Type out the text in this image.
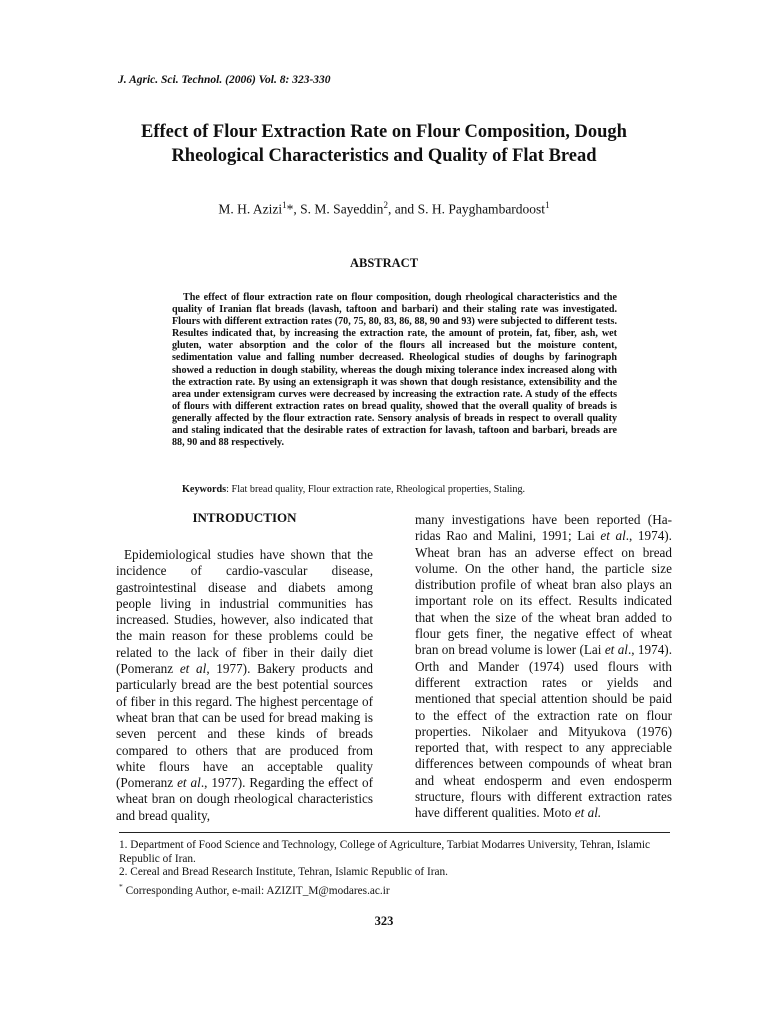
J. Agric. Sci. Technol. (2006) Vol. 8: 323-330
Effect of Flour Extraction Rate on Flour Composition, Dough
Rheological Characteristics and Quality of Flat Bread
M. H. Azizi$^1$*, S. M. Sayeddin$^2$, and S. H. Payghambardoost$^1$
ABSTRACT
The effect of flour extraction rate on flour composition, dough rheological characteristics and the quality of Iranian flat breads (lavash, taftoon and barbari) and their staling rate was investigated. Flours with different extraction rates (70, 75, 80, 83, 86, 88, 90 and 93) were subjected to different tests. Resultes indicated that, by increasing the extraction rate, the amount of protein, fat, fiber, ash, wet gluten, water absorption and the color of the flours all increased but the moisture content, sedimentation value and falling number decreased. Rheological studies of doughs by farinograph showed a reduction in dough stability, whereas the dough mixing tolerance index increased along with the extraction rate. By using an extensigraph it was shown that dough resistance, extensibility and the area under extensigram curves were decreased by increasing the extraction rate. A study of the effects of flours with different extraction rates on bread quality, showed that the overall quality of breads is generally affected by the flour extraction rate. Sensory analysis of breads in respect to overall quality and staling indicated that the desirable rates of extraction for lavash, taftoon and barbari, breads are 88, 90 and 88 respectively.
Keywords: Flat bread quality, Flour extraction rate, Rheological properties, Staling.
INTRODUCTION
Epidemiological studies have shown that the incidence of cardio-vascular disease, gastrointestinal disease and diabets among people living in industrial communities has increased. Studies, however, also indicated that the main reason for these problems could be related to the lack of fiber in their daily diet (Pomeranz et al, 1977). Bakery products and particularly bread are the best potential sources of fiber in this regard. The highest percentage of wheat bran that can be used for bread making is seven percent and these kinds of breads compared to others that are produced from white flours have an acceptable quality (Pomeranz et al., 1977). Regarding the effect of wheat bran on dough rheological characteristics and bread quality,
many investigations have been reported (Haridas Rao and Malini, 1991; Lai et al., 1974). Wheat bran has an adverse effect on bread volume. On the other hand, the particle size distribution profile of wheat bran also plays an important role on its effect. Results indicated that when the size of the wheat bran added to flour gets finer, the negative effect of wheat bran on bread volume is lower (Lai et al., 1974). Orth and Mander (1974) used flours with different extraction rates or yields and mentioned that special attention should be paid to the effect of the extraction rate on flour properties. Nikolaer and Mityukova (1976) reported that, with respect to any appreciable differences between compounds of wheat bran and wheat endosperm and even endosperm structure, flours with different extraction rates have different qualities. Moto et al.

1. Department of Food Science and Technology, College of Agriculture, Tarbiat Modarres University, Tehran, Islamic Republic of Iran.

2. Cereal and Bread Research Institute, Tehran, Islamic Republic of Iran.

* Corresponding Author, e-mail: AZIZIT_M@modares.ac.ir

323
